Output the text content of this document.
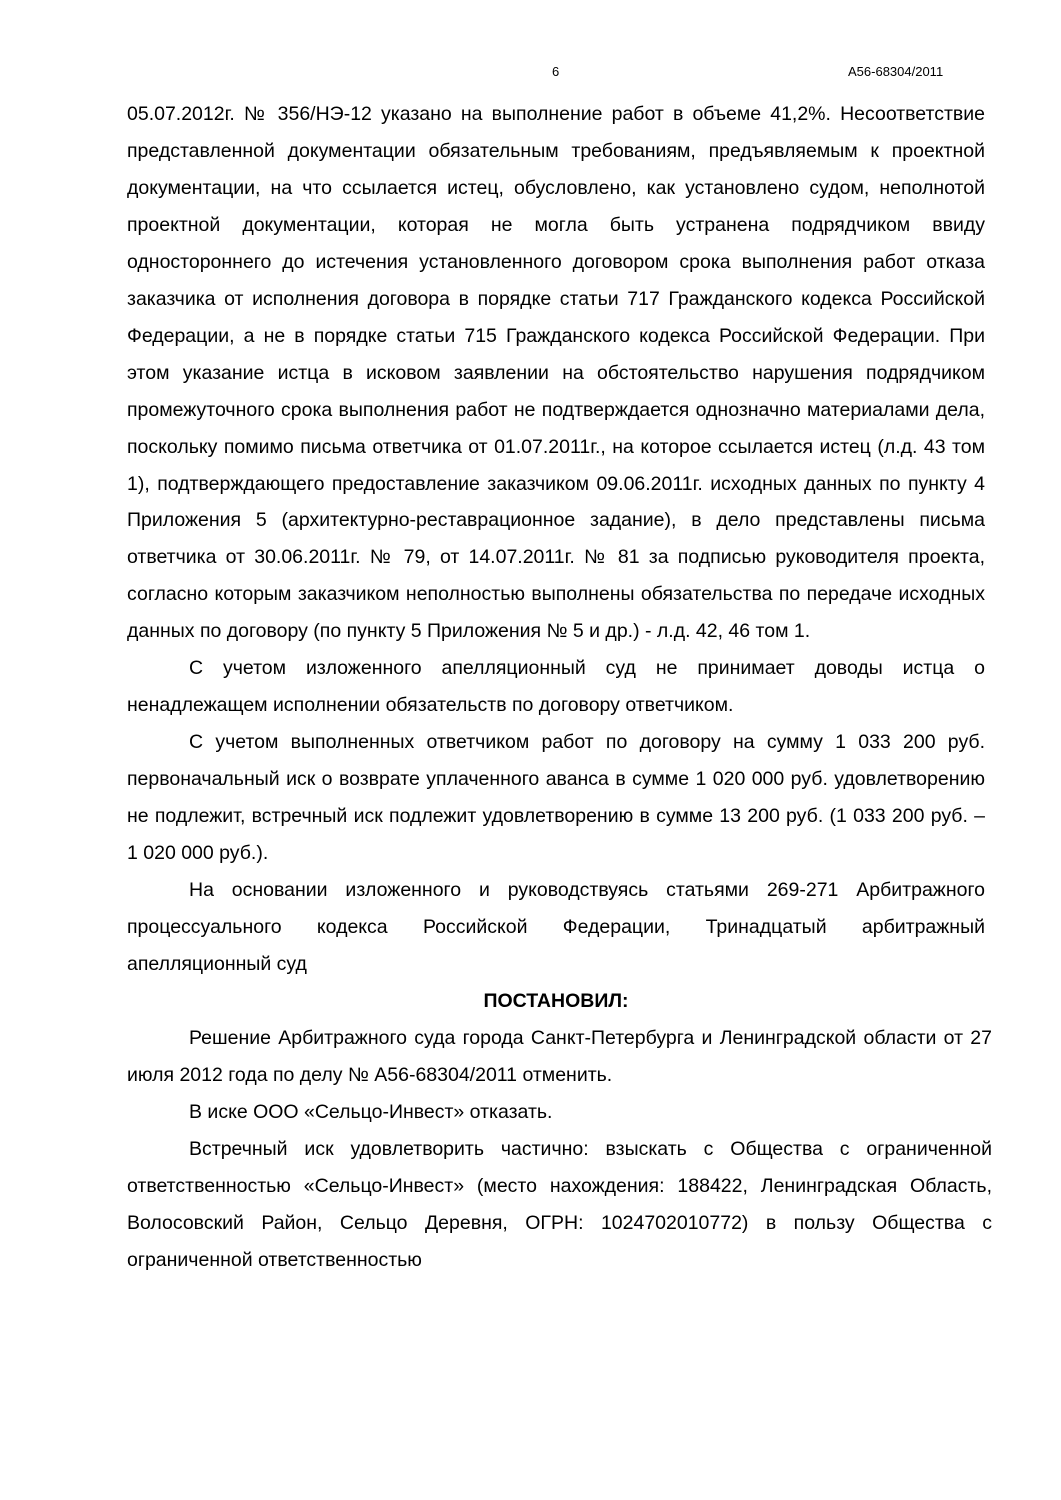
6	А56-68304/2011

05.07.2012г. № 356/НЭ-12 указано на выполнение работ в объеме 41,2%. Несоответствие представленной документации обязательным требованиям, предъявляемым к проектной документации, на что ссылается истец, обусловлено, как установлено судом, неполнотой проектной документации, которая не могла быть устранена подрядчиком ввиду одностороннего до истечения установленного договором срока выполнения работ отказа заказчика от исполнения договора в порядке статьи 717 Гражданского кодекса Российской Федерации, а не в порядке статьи 715 Гражданского кодекса Российской Федерации. При этом указание истца в исковом заявлении на обстоятельство нарушения подрядчиком промежуточного срока выполнения работ не подтверждается однозначно материалами дела, поскольку помимо письма ответчика от 01.07.2011г., на которое ссылается истец (л.д. 43 том 1), подтверждающего предоставление заказчиком 09.06.2011г. исходных данных по пункту 4 Приложения 5 (архитектурно-реставрационное задание), в дело представлены письма ответчика от 30.06.2011г. № 79, от 14.07.2011г. № 81 за подписью руководителя проекта, согласно которым заказчиком неполностью выполнены обязательства по передаче исходных данных по договору (по пункту 5 Приложения № 5 и др.) - л.д. 42, 46 том 1.

С учетом изложенного апелляционный суд не принимает доводы истца о ненадлежащем исполнении обязательств по договору ответчиком.

С учетом выполненных ответчиком работ по договору на сумму 1 033 200 руб. первоначальный иск о возврате уплаченного аванса в сумме 1 020 000 руб. удовлетворению не подлежит, встречный иск подлежит удовлетворению в сумме 13 200 руб. (1 033 200 руб. – 1 020 000 руб.).

На основании изложенного и руководствуясь статьями 269-271 Арбитражного процессуального кодекса Российской Федерации, Тринадцатый арбитражный апелляционный суд

ПОСТАНОВИЛ:

Решение Арбитражного суда города Санкт-Петербурга и Ленинградской области от 27 июля 2012 года по делу № А56-68304/2011 отменить.

В иске ООО «Сельцо-Инвест» отказать.

Встречный иск удовлетворить частично: взыскать с Общества с ограниченной ответственностью «Сельцо-Инвест» (место нахождения: 188422, Ленинградская Область, Волосовский Район, Сельцо Деревня, ОГРН: 1024702010772) в пользу Общества с ограниченной ответственностью
